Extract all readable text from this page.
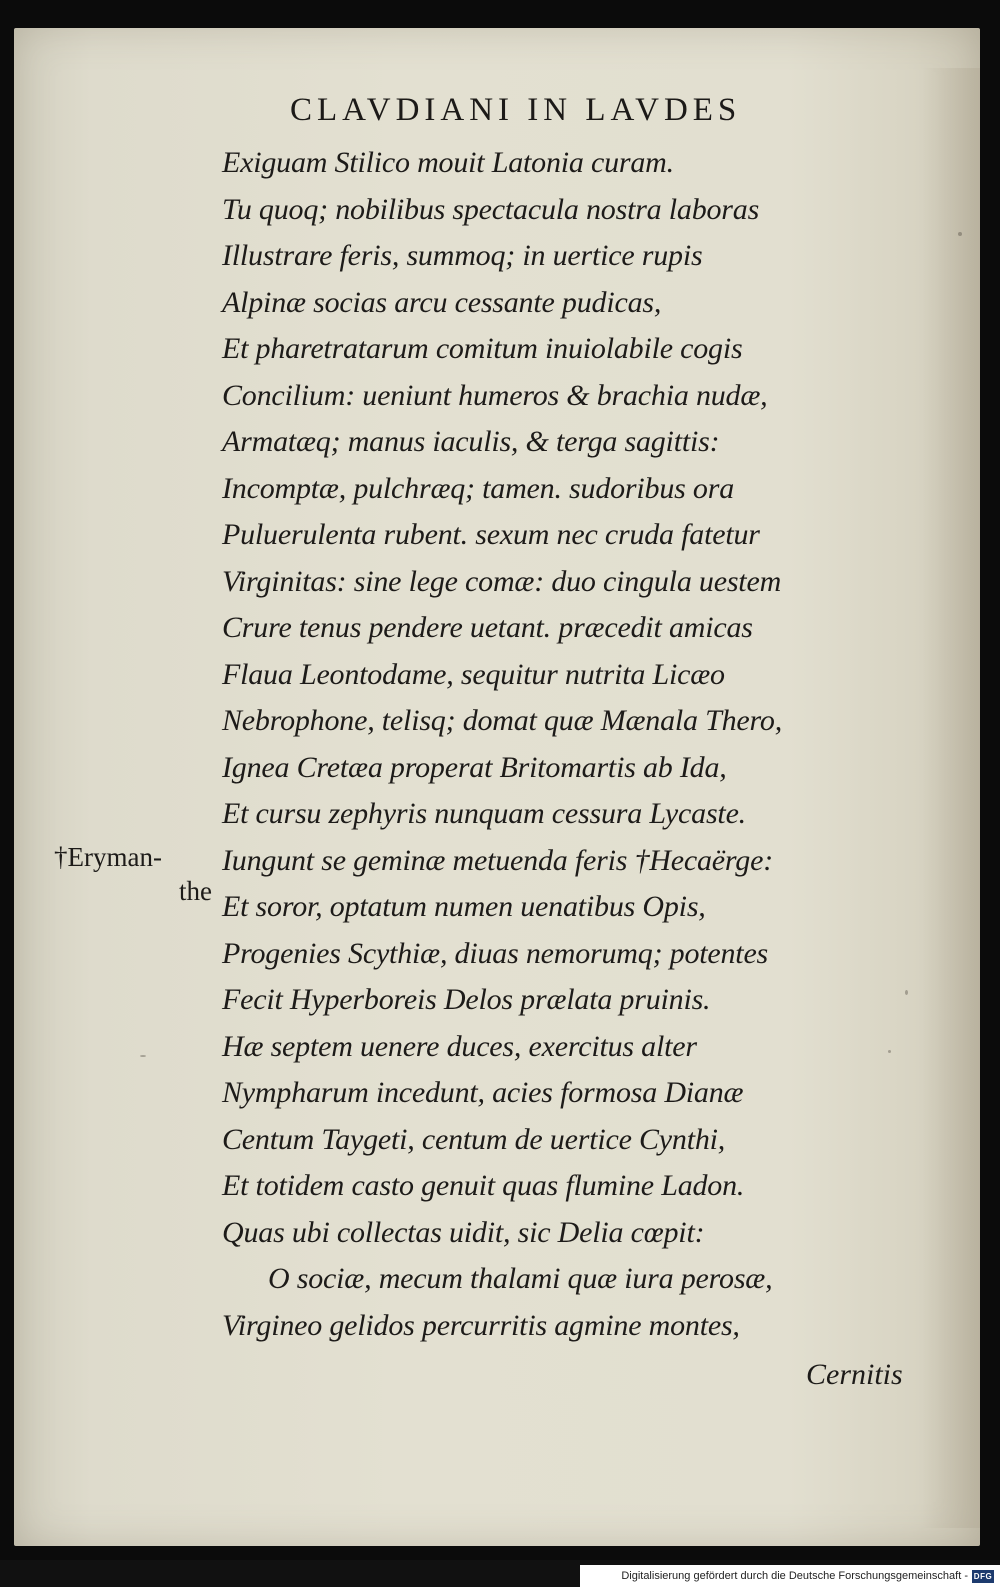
CLAVDIANI IN LAVDES
Exiguam Stilico mouit Latonia curam.
Tu quoq; nobilibus spectacula nostra laboras
Illustrare feris, summoq; in uertice rupis
Alpinæ socias arcu cessante pudicas,
Et pharetratarum comitum inuiolabile cogis
Concilium: ueniunt humeros & brachia nudæ,
Armatæq; manus iaculis, & terga sagittis:
Incomptæ, pulchræq; tamen. sudoribus ora
Puluerulenta rubent. sexum nec cruda fatetur
Virginitas: sine lege comæ: duo cingula uestem
Crure tenus pendere uetant. præcedit amicas
Flaua Leontodame, sequitur nutrita Licæo
Nebrophone, telisq; domat quæ Mænala Thero,
Ignea Cretæa properat Britomartis ab Ida,
Et cursu zephyris nunquam cessura Lycaste.
Iungunt se geminæ metuenda feris †Hecaërge:
Et soror, optatum numen uenatibus Opis,
Progenies Scythiæ, diuas nemorumq; potentes
Fecit Hyperboreis Delos prælata pruinis.
Hæ septem uenere duces, exercitus alter
Nympharum incedunt, acies formosa Dianæ
Centum Taygeti, centum de uertice Cynthi,
Et totidem casto genuit quas flumine Ladon.
Quas ubi collectas uidit, sic Delia cœpit:
O sociæ, mecum thalami quæ iura perosæ,
Virgineo gelidos percurritis agmine montes,
†Eryman-
the
Cernitis
Digitalisierung gefördert durch die Deutsche Forschungsgemeinschaft - DFG
